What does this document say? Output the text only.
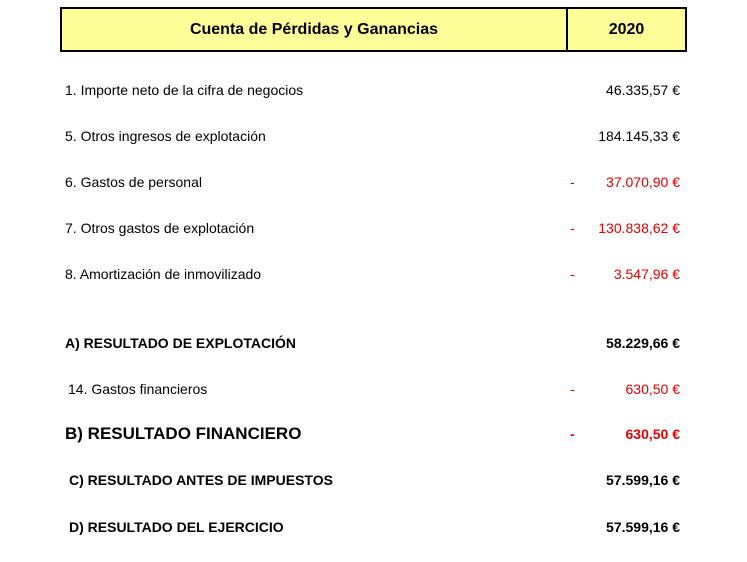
Cuenta de Pérdidas y Ganancias	2020
1. Importe neto de la cifra de negocios	46.335,57 €
5. Otros ingresos de explotación	184.145,33 €
6. Gastos de personal	-	37.070,90 €
7. Otros gastos de explotación	-	130.838,62 €
8. Amortización de inmovilizado	-	3.547,96 €
A) RESULTADO DE EXPLOTACIÓN	58.229,66 €
14. Gastos financieros	-	630,50 €
B) RESULTADO FINANCIERO	-	630,50 €
C) RESULTADO ANTES DE IMPUESTOS	57.599,16 €
D) RESULTADO DEL EJERCICIO	57.599,16 €
